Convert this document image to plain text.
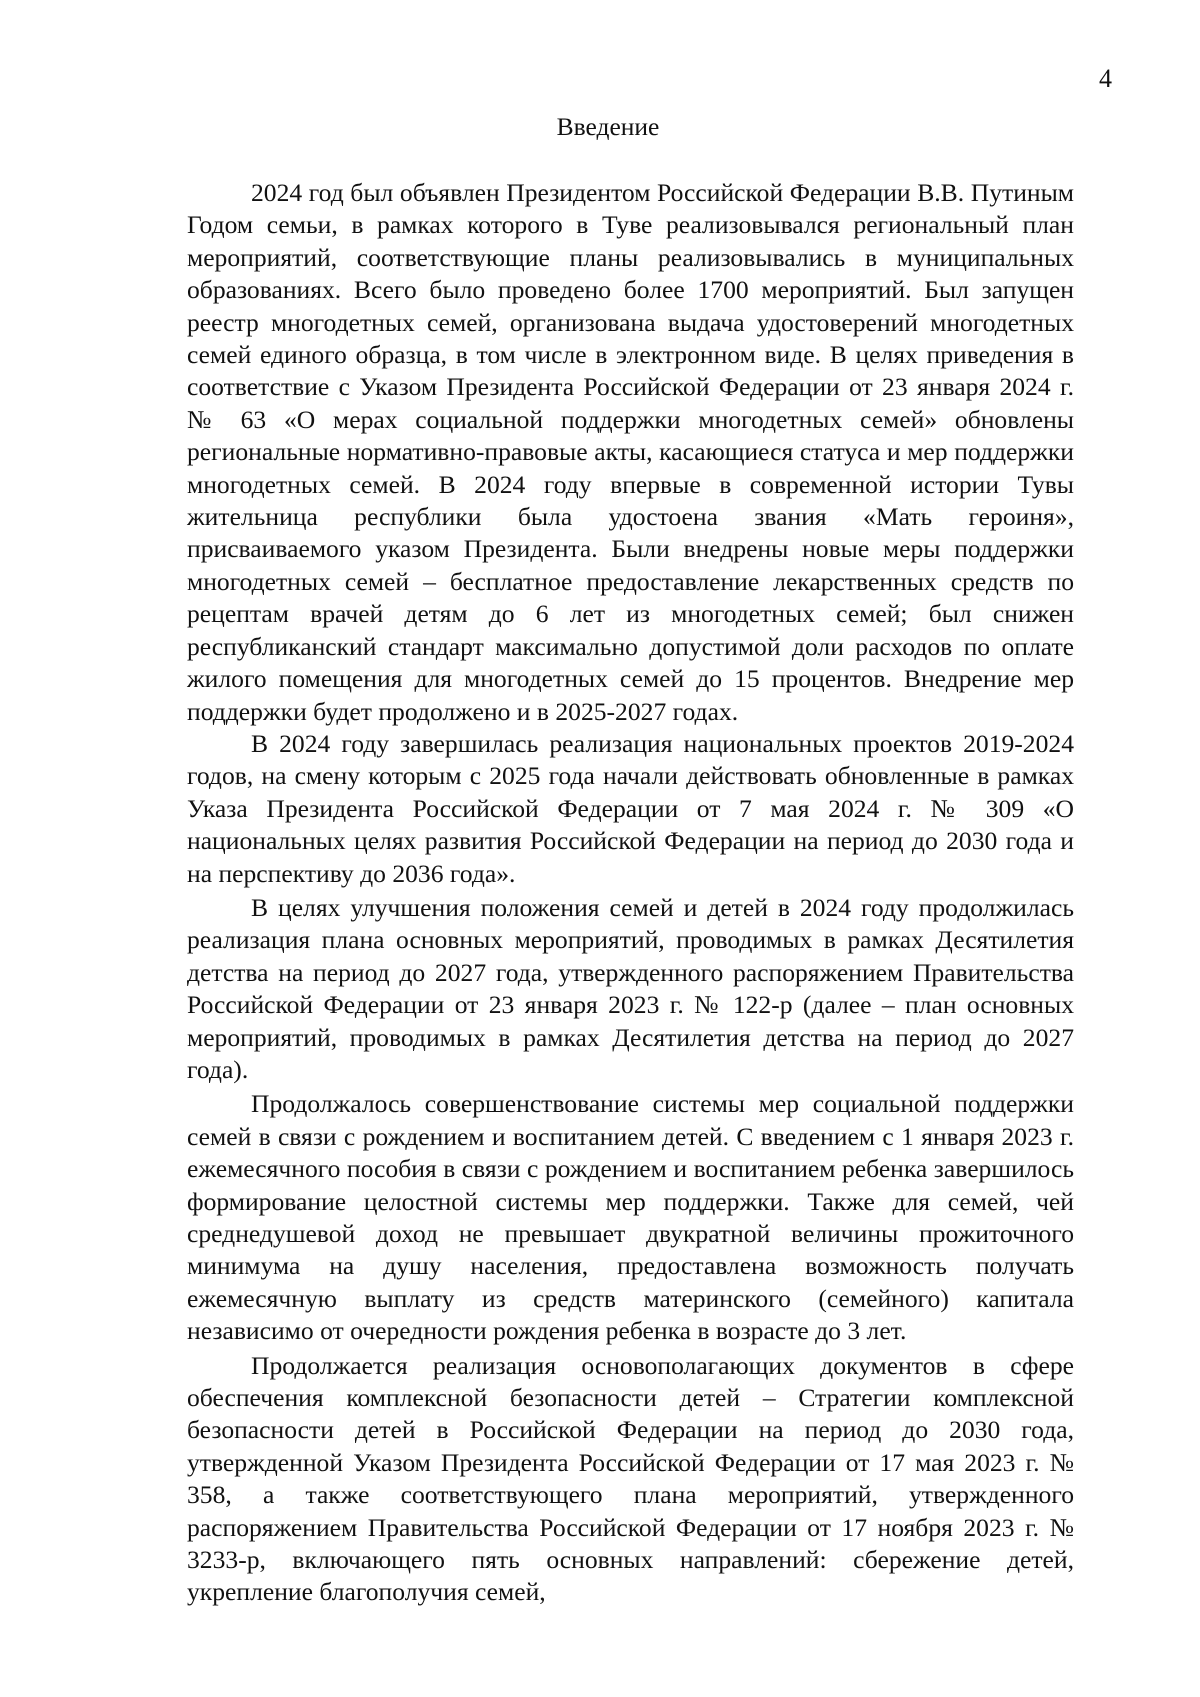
4
Введение

2024 год был объявлен Президентом Российской Федерации В.В. Путиным Годом семьи, в рамках которого в Туве реализовывался региональный план мероприятий, соответствующие планы реализовывались в муниципальных образованиях. Всего было проведено более 1700 мероприятий. Был запущен реестр многодетных семей, организована выдача удостоверений многодетных семей единого образца, в том числе в электронном виде. В целях приведения в соответствие с Указом Президента Российской Федерации от 23 января 2024 г. № 63 «О мерах социальной поддержки многодетных семей» обновлены региональные нормативно-правовые акты, касающиеся статуса и мер поддержки многодетных семей. В 2024 году впервые в современной истории Тувы жительница республики была удостоена звания «Мать героиня», присваиваемого указом Президента. Были внедрены новые меры поддержки многодетных семей – бесплатное предоставление лекарственных средств по рецептам врачей детям до 6 лет из многодетных семей; был снижен республиканский стандарт максимально допустимой доли расходов по оплате жилого помещения для многодетных семей до 15 процентов. Внедрение мер поддержки будет продолжено и в 2025-2027 годах.

В 2024 году завершилась реализация национальных проектов 2019-2024 годов, на смену которым с 2025 года начали действовать обновленные в рамках Указа Президента Российской Федерации от 7 мая 2024 г. № 309 «О национальных целях развития Российской Федерации на период до 2030 года и на перспективу до 2036 года».

В целях улучшения положения семей и детей в 2024 году продолжилась реализация плана основных мероприятий, проводимых в рамках Десятилетия детства на период до 2027 года, утвержденного распоряжением Правительства Российской Федерации от 23 января 2023 г. № 122-р (далее – план основных мероприятий, проводимых в рамках Десятилетия детства на период до 2027 года).

Продолжалось совершенствование системы мер социальной поддержки семей в связи с рождением и воспитанием детей. С введением с 1 января 2023 г. ежемесячного пособия в связи с рождением и воспитанием ребенка завершилось формирование целостной системы мер поддержки. Также для семей, чей среднедушевой доход не превышает двукратной величины прожиточного минимума на душу населения, предоставлена возможность получать ежемесячную выплату из средств материнского (семейного) капитала независимо от очередности рождения ребенка в возрасте до 3 лет.

Продолжается реализация основополагающих документов в сфере обеспечения комплексной безопасности детей – Стратегии комплексной безопасности детей в Российской Федерации на период до 2030 года, утвержденной Указом Президента Российской Федерации от 17 мая 2023 г. № 358, а также соответствующего плана мероприятий, утвержденного распоряжением Правительства Российской Федерации от 17 ноября 2023 г. № 3233-р, включающего пять основных направлений: сбережение детей, укрепление благополучия семей,
